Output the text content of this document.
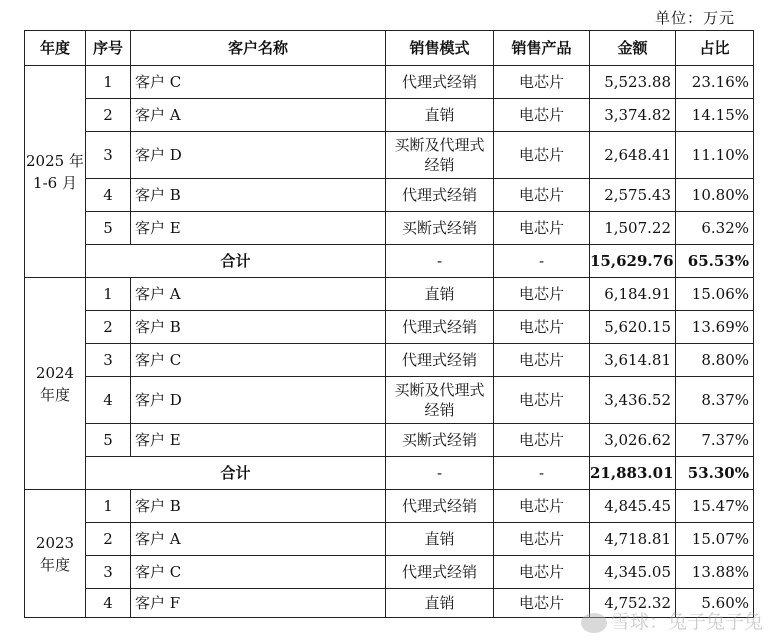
单位：万元
年度	序号	客户名称	销售模式	销售产品	金额	占比

2025 年
1-6 月	1	客户 C	代理式经销	电芯片	5,523.88	23.16%
	2	客户 A	直销	电芯片	3,374.82	14.15%
	3	客户 D	买断及代理式经销	电芯片	2,648.41	11.10%
	4	客户 B	代理式经销	电芯片	2,575.43	10.80%
	5	客户 E	买断式经销	电芯片	1,507.22	6.32%
	合计		-	-	15,629.76	65.53%

2024
年度	1	客户 A	直销	电芯片	6,184.91	15.06%
	2	客户 B	代理式经销	电芯片	5,620.15	13.69%
	3	客户 C	代理式经销	电芯片	3,614.81	8.80%
	4	客户 D	买断及代理式经销	电芯片	3,436.52	8.37%
	5	客户 E	买断式经销	电芯片	3,026.62	7.37%
	合计		-	-	21,883.01	53.30%

2023
年度	1	客户 B	代理式经销	电芯片	4,845.45	15.47%
	2	客户 A	直销	电芯片	4,718.81	15.07%
	3	客户 C	代理式经销	电芯片	4,345.05	13.88%
	4	客户 F	直销	电芯片	4,752.32	5.60%
雪球：兔子兔子兔
